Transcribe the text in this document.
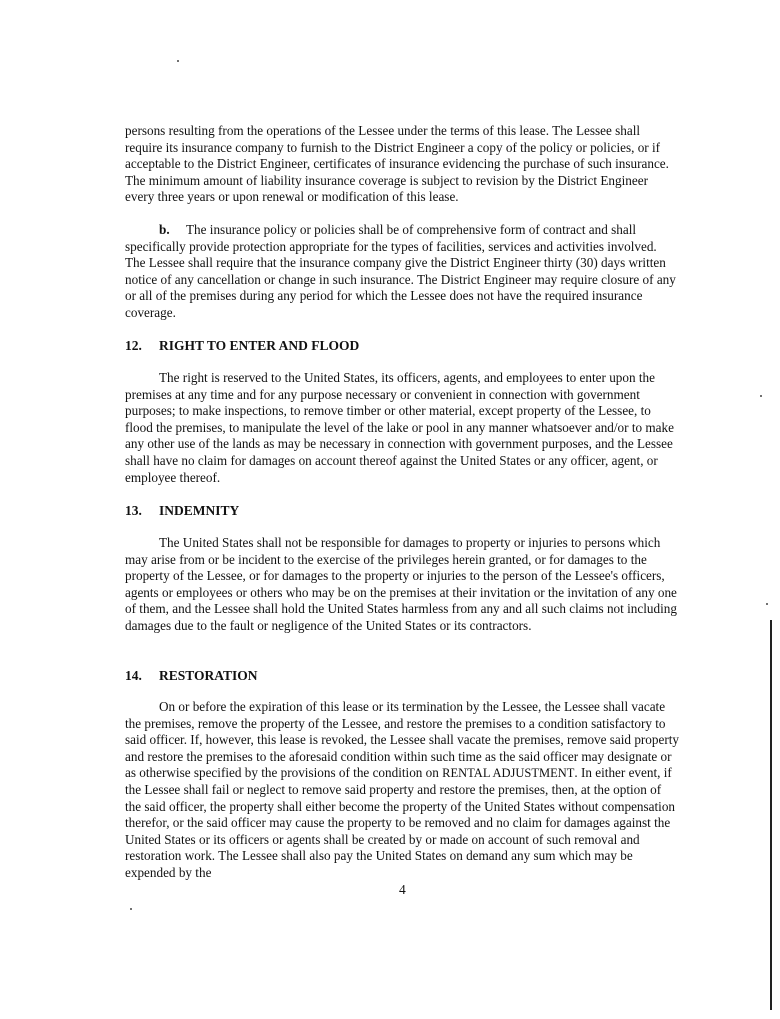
persons resulting from the operations of the Lessee under the terms of this lease. The Lessee shall require its insurance company to furnish to the District Engineer a copy of the policy or policies, or if acceptable to the District Engineer, certificates of insurance evidencing the purchase of such insurance. The minimum amount of liability insurance coverage is subject to revision by the District Engineer every three years or upon renewal or modification of this lease.

b. The insurance policy or policies shall be of comprehensive form of contract and shall specifically provide protection appropriate for the types of facilities, services and activities involved. The Lessee shall require that the insurance company give the District Engineer thirty (30) days written notice of any cancellation or change in such insurance. The District Engineer may require closure of any or all of the premises during any period for which the Lessee does not have the required insurance coverage.

12. RIGHT TO ENTER AND FLOOD

The right is reserved to the United States, its officers, agents, and employees to enter upon the premises at any time and for any purpose necessary or convenient in connection with government purposes; to make inspections, to remove timber or other material, except property of the Lessee, to flood the premises, to manipulate the level of the lake or pool in any manner whatsoever and/or to make any other use of the lands as may be necessary in connection with government purposes, and the Lessee shall have no claim for damages on account thereof against the United States or any officer, agent, or employee thereof.

13. INDEMNITY

The United States shall not be responsible for damages to property or injuries to persons which may arise from or be incident to the exercise of the privileges herein granted, or for damages to the property of the Lessee, or for damages to the property or injuries to the person of the Lessee's officers, agents or employees or others who may be on the premises at their invitation or the invitation of any one of them, and the Lessee shall hold the United States harmless from any and all such claims not including damages due to the fault or negligence of the United States or its contractors.

14. RESTORATION

On or before the expiration of this lease or its termination by the Lessee, the Lessee shall vacate the premises, remove the property of the Lessee, and restore the premises to a condition satisfactory to said officer. If, however, this lease is revoked, the Lessee shall vacate the premises, remove said property and restore the premises to the aforesaid condition within such time as the said officer may designate or as otherwise specified by the provisions of the condition on RENTAL ADJUSTMENT. In either event, if the Lessee shall fail or neglect to remove said property and restore the premises, then, at the option of the said officer, the property shall either become the property of the United States without compensation therefor, or the said officer may cause the property to be removed and no claim for damages against the United States or its officers or agents shall be created by or made on account of such removal and restoration work. The Lessee shall also pay the United States on demand any sum which may be expended by the

4
